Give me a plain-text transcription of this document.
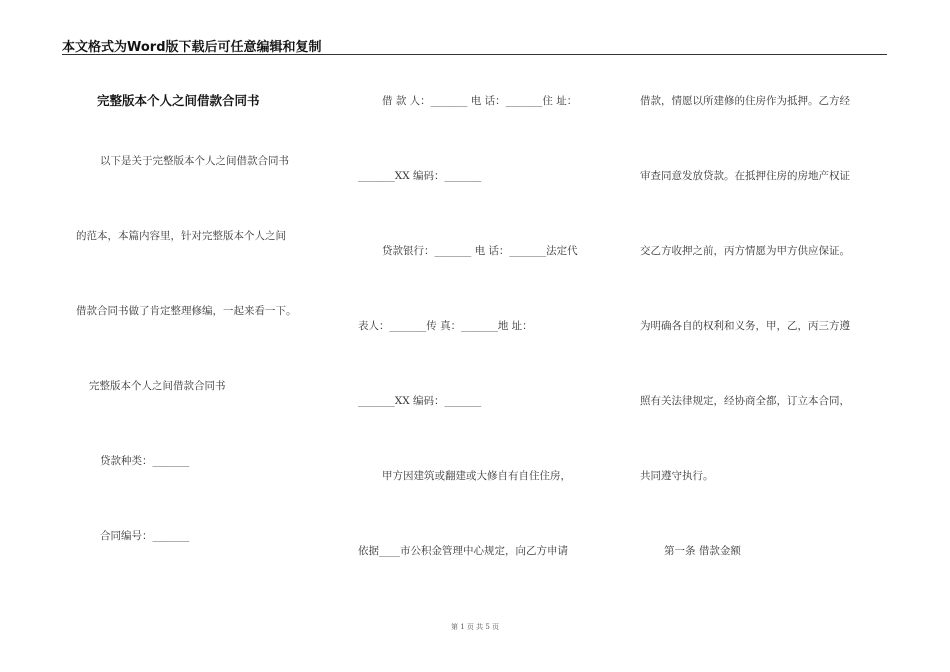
本文格式为Word版下载后可任意编辑和复制
完整版本个人之间借款合同书
以下是关于完整版本个人之间借款合同书
的范本，本篇内容里，针对完整版本个人之间
借款合同书做了肯定整理修编，一起来看一下。
完整版本个人之间借款合同书
贷款种类：_______
合同编号：_______
借 款 人：_______ 电 话：_______住 址：
_______XX 编码：_______
贷款银行：_______ 电 话：_______法定代
表人：_______传 真：_______地 址：
_______XX 编码：_______
甲方因建筑或翻建或大修自有自住住房，
依据____市公积金管理中心规定，向乙方申请
借款，情愿以所建修的住房作为抵押。乙方经
审查同意发放贷款。在抵押住房的房地产权证
交乙方收押之前，丙方情愿为甲方供应保证。
为明确各自的权利和义务，甲，乙，丙三方遵
照有关法律规定，经协商全都，订立本合同，
共同遵守执行。
第一条 借款金额
第 1 页 共 5 页
